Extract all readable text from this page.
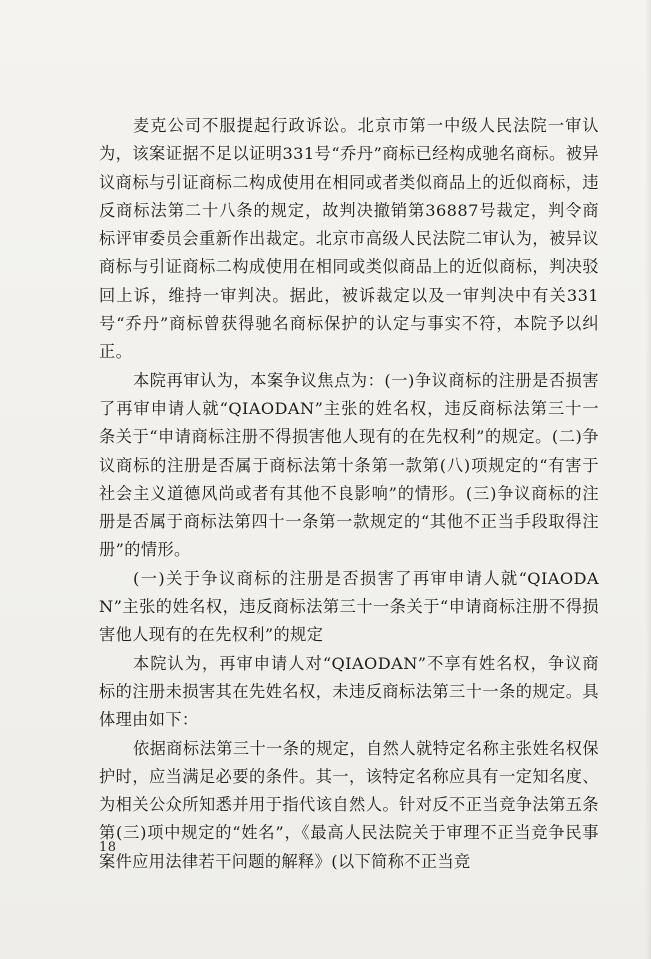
麦克公司不服提起行政诉讼。北京市第一中级人民法院一审认为，该案证据不足以证明331号“乔丹”商标已经构成驰名商标。被异议商标与引证商标二构成使用在相同或者类似商品上的近似商标，违反商标法第二十八条的规定，故判决撤销第36887号裁定，判令商标评审委员会重新作出裁定。北京市高级人民法院二审认为，被异议商标与引证商标二构成使用在相同或类似商品上的近似商标，判决驳回上诉，维持一审判决。据此，被诉裁定以及一审判决中有关331号“乔丹”商标曾获得驰名商标保护的认定与事实不符，本院予以纠正。

本院再审认为，本案争议焦点为：(一)争议商标的注册是否损害了再审申请人就“QIAODAN”主张的姓名权，违反商标法第三十一条关于“申请商标注册不得损害他人现有的在先权利”的规定。(二)争议商标的注册是否属于商标法第十条第一款第(八)项规定的“有害于社会主义道德风尚或者有其他不良影响”的情形。(三)争议商标的注册是否属于商标法第四十一条第一款规定的“其他不正当手段取得注册”的情形。

(一)关于争议商标的注册是否损害了再审申请人就“QIAODAN”主张的姓名权，违反商标法第三十一条关于“申请商标注册不得损害他人现有的在先权利”的规定

本院认为，再审申请人对“QIAODAN”不享有姓名权，争议商标的注册未损害其在先姓名权，未违反商标法第三十一条的规定。具体理由如下：

依据商标法第三十一条的规定，自然人就特定名称主张姓名权保护时，应当满足必要的条件。其一，该特定名称应具有一定知名度、为相关公众所知悉并用于指代该自然人。针对反不正当竞争法第五条第(三)项中规定的“姓名”，《最高人民法院关于审理不正当竞争民事案件应用法律若干问题的解释》(以下简称不正当竞

18
